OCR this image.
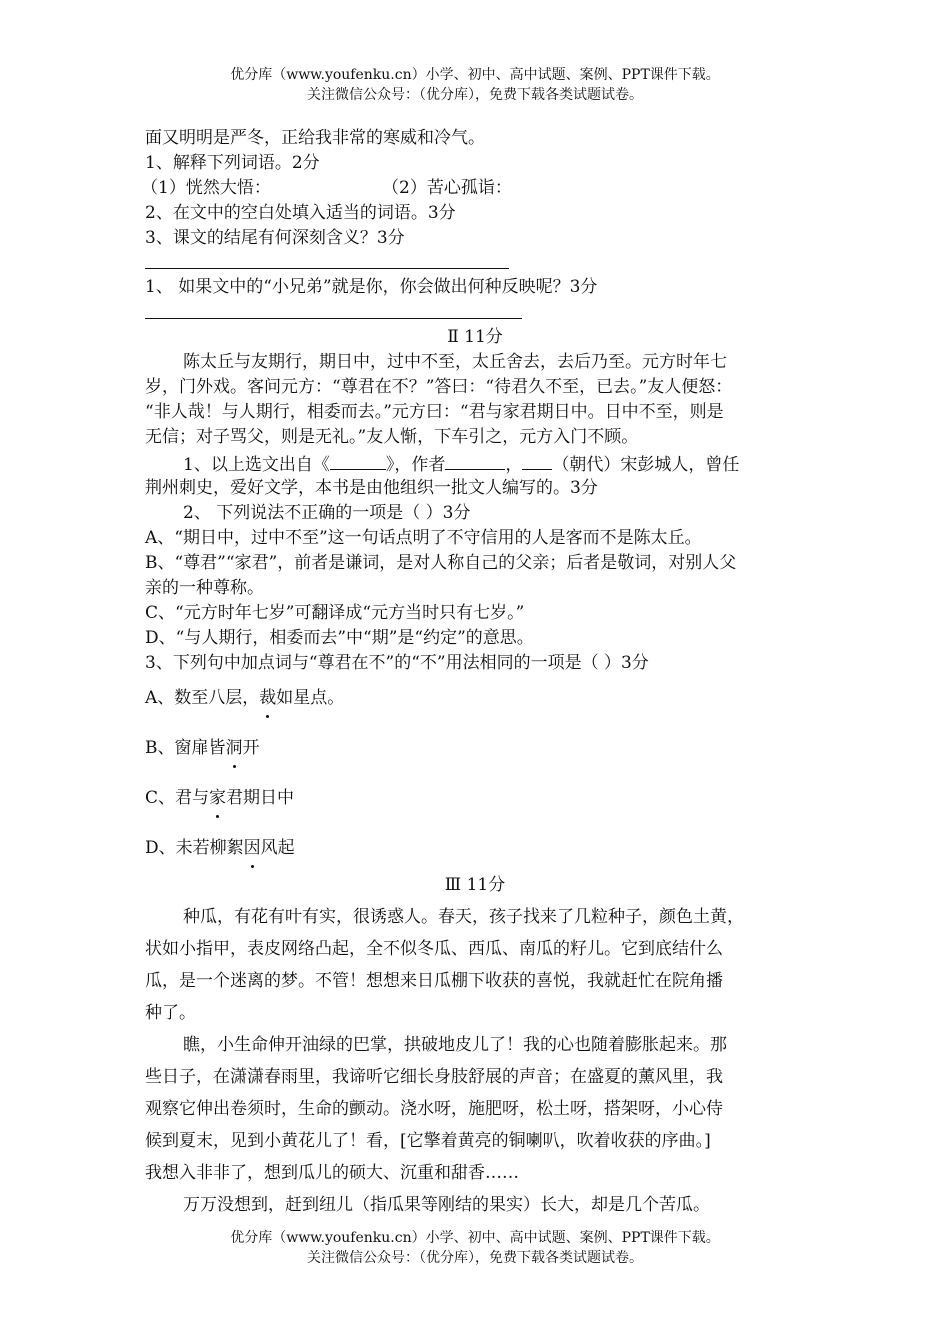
优分库（www.youfenku.cn）小学、初中、高中试题、案例、PPT课件下载。
关注微信公众号：（优分库），免费下载各类试题试卷。
面又明明是严冬，正给我非常的寒威和冷气。
1、解释下列词语。2分
（1）恍然大悟：	（2）苦心孤诣：
2、在文中的空白处填入适当的词语。3分
3、课文的结尾有何深刻含义？3分
1、 如果文中的“小兄弟”就是你，你会做出何种反映呢？3分
Ⅱ 11分
陈太丘与友期行，期日中，过中不至，太丘舍去，去后乃至。元方时年七
岁，门外戏。客问元方：“尊君在不？”答曰：“待君久不至，已去。”友人便怒：
“非人哉！与人期行，相委而去。”元方曰：“君与家君期日中。日中不至，则是
无信；对子骂父，则是无礼。”友人惭，下车引之，元方入门不顾。
1、以上选文出自《	》，作者	， （朝代）宋彭城人，曾任
荆州刺史，爱好文学，本书是由他组织一批文人编写的。3分
2、 下列说法不正确的一项是（ ）3分
A、“期日中，过中不至”这一句话点明了不守信用的人是客而不是陈太丘。
B、“尊君”“家君”，前者是谦词，是对人称自己的父亲；后者是敬词，对别人父
亲的一种尊称。
C、“元方时年七岁”可翻译成“元方当时只有七岁。”
D、“与人期行，相委而去”中“期”是“约定”的意思。
3、下列句中加点词与“尊君在不”的“不”用法相同的一项是（ ）3分
A、数至八层，裁如星点。
B、窗扉皆洞开
C、君与家君期日中
D、未若柳絮因风起
Ⅲ 11分
种瓜，有花有叶有实，很诱惑人。春天，孩子找来了几粒种子，颜色土黄，
状如小指甲，表皮网络凸起，全不似冬瓜、西瓜、南瓜的籽儿。它到底结什么
瓜，是一个迷离的梦。不管！想想来日瓜棚下收获的喜悦，我就赶忙在院角播
种了。
瞧，小生命伸开油绿的巴掌，拱破地皮儿了！我的心也随着膨胀起来。那
些日子，在潇潇春雨里，我谛听它细长身肢舒展的声音；在盛夏的薰风里，我
观察它伸出卷须时，生命的颤动。浇水呀，施肥呀，松土呀，搭架呀，小心侍
候到夏末，见到小黄花儿了！看，[它擎着黄亮的铜喇叭，吹着收获的序曲。]
我想入非非了，想到瓜儿的硕大、沉重和甜香……
万万没想到，赶到纽儿（指瓜果等刚结的果实）长大，却是几个苦瓜。
优分库（www.youfenku.cn）小学、初中、高中试题、案例、PPT课件下载。
关注微信公众号：（优分库），免费下载各类试题试卷。
